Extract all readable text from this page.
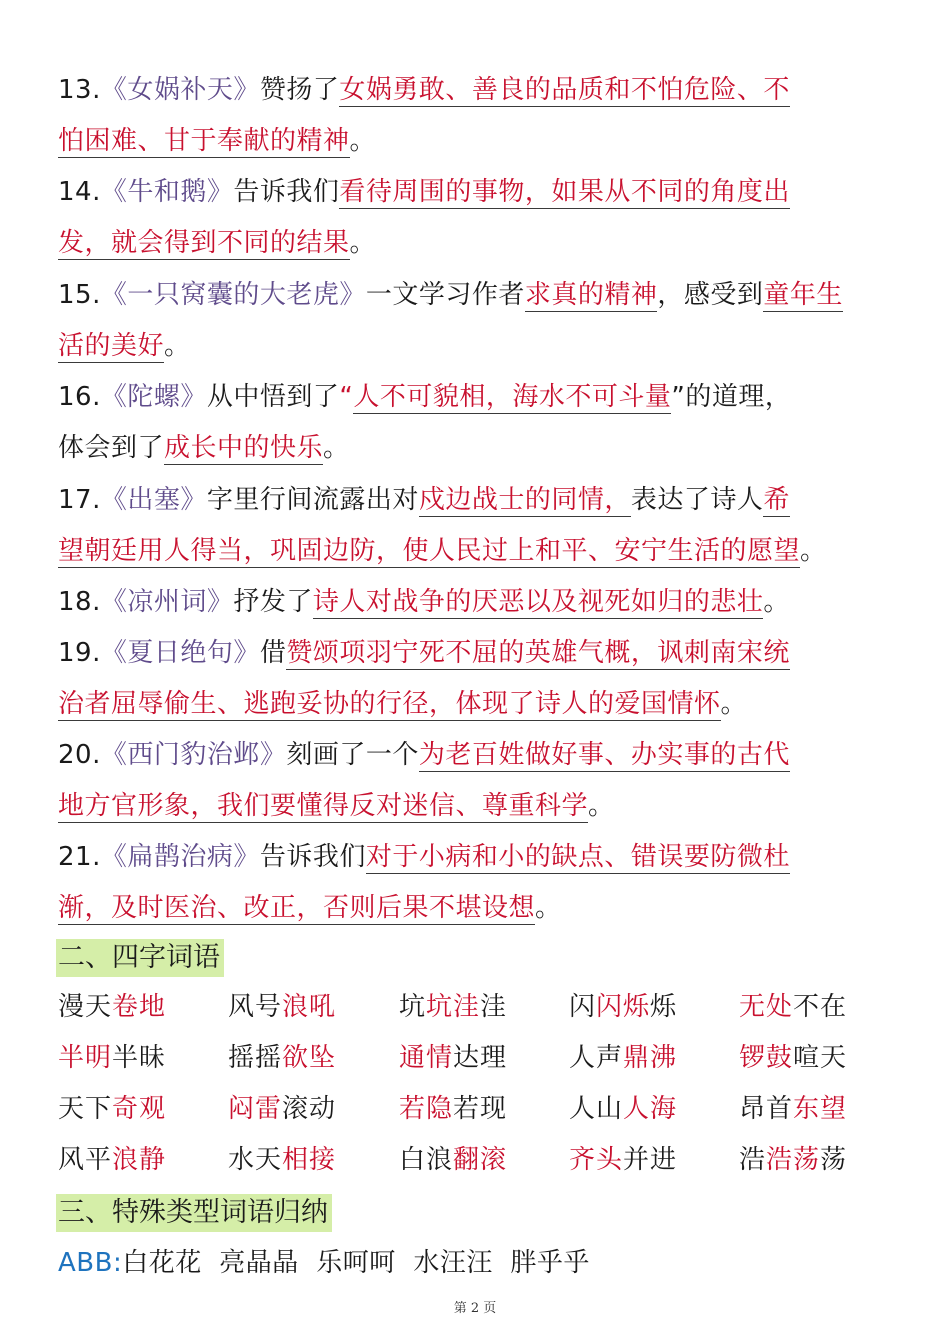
13.《女娲补天》赞扬了女娲勇敢、善良的品质和不怕危险、不
怕困难、甘于奉献的精神。
14.《牛和鹅》告诉我们看待周围的事物，如果从不同的角度出
发，就会得到不同的结果。
15.《一只窝囊的大老虎》一文学习作者求真的精神，感受到童年生
活的美好。
16.《陀螺》从中悟到了“人不可貌相，海水不可斗量”的道理，
体会到了成长中的快乐。
17.《出塞》字里行间流露出对戍边战士的同情，表达了诗人希
望朝廷用人得当，巩固边防，使人民过上和平、安宁生活的愿望。
18.《凉州词》抒发了诗人对战争的厌恶以及视死如归的悲壮。
19.《夏日绝句》借赞颂项羽宁死不屈的英雄气概，讽刺南宋统
治者屈辱偷生、逃跑妥协的行径，体现了诗人的爱国情怀。
20.《西门豹治邺》刻画了一个为老百姓做好事、办实事的古代
地方官形象，我们要懂得反对迷信、尊重科学。
21.《扁鹊治病》告诉我们对于小病和小的缺点、错误要防微杜
渐，及时医治、改正，否则后果不堪设想。
二、四字词语
漫天卷地 风号浪吼 坑坑洼洼 闪闪烁烁 无处不在
半明半昧 摇摇欲坠 通情达理 人声鼎沸 锣鼓喧天
天下奇观 闷雷滚动 若隐若现 人山人海 昂首东望
风平浪静 水天相接 白浪翻滚 齐头并进 浩浩荡荡
三、特殊类型词语归纳
ABB:白花花  亮晶晶  乐呵呵  水汪汪  胖乎乎
第 2 页
